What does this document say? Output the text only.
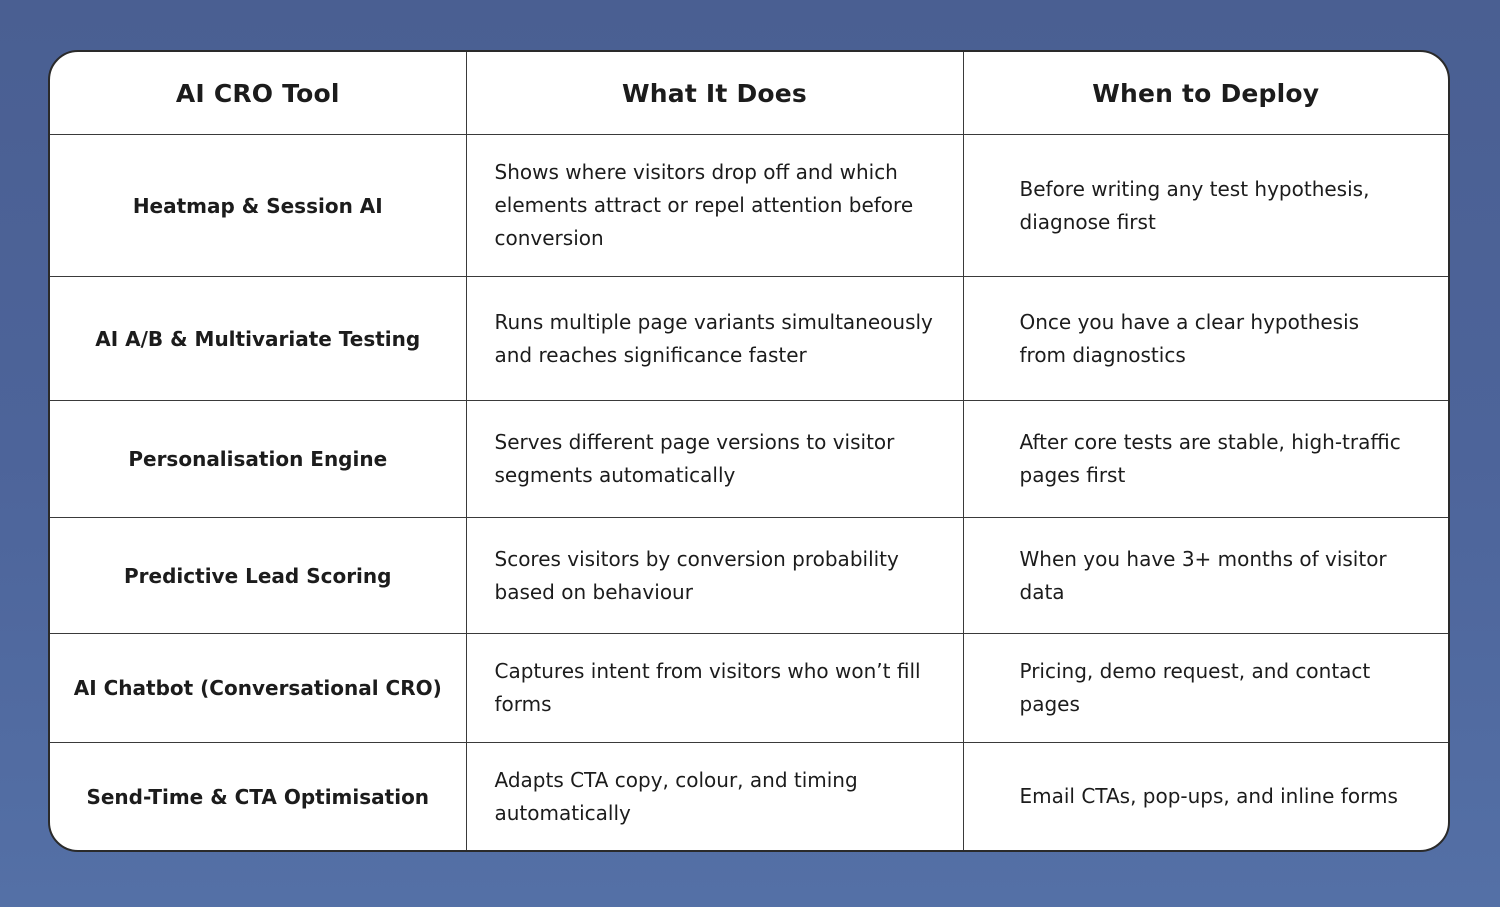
AI CRO Tool	What It Does	When to Deploy
Heatmap & Session AI	Shows where visitors drop off and which elements attract or repel attention before conversion	Before writing any test hypothesis, diagnose first
AI A/B & Multivariate Testing	Runs multiple page variants simultaneously and reaches significance faster	Once you have a clear hypothesis from diagnostics
Personalisation Engine	Serves different page versions to visitor segments automatically	After core tests are stable, high-traffic pages first
Predictive Lead Scoring	Scores visitors by conversion probability based on behaviour	When you have 3+ months of visitor data
AI Chatbot (Conversational CRO)	Captures intent from visitors who won’t fill forms	Pricing, demo request, and contact pages
Send-Time & CTA Optimisation	Adapts CTA copy, colour, and timing automatically	Email CTAs, pop-ups, and inline forms
